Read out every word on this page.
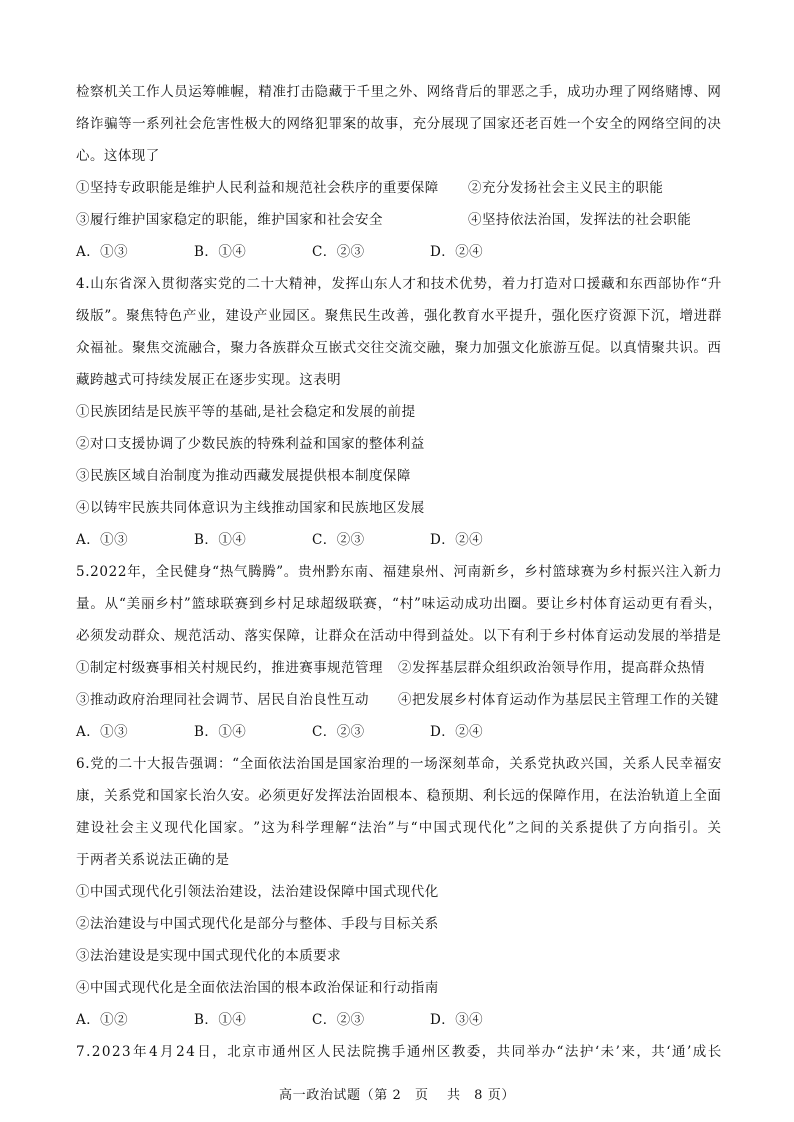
检 察 机 关 工 作 人 员 运 筹 帷 幄 ， 精 准 打 击 隐 藏 于 千 里 之 外 、 网 络 背 后 的 罪 恶 之 手 ， 成 功 办 理 了 网 络 赌 博 、 网
络 诈 骗 等 一 系 列 社 会 危 害 性 极 大 的 网 络 犯 罪 案 的 故 事 ， 充 分 展 现 了 国 家 还 老 百 姓 一 个 安 全 的 网 络 空 间 的 决
心。这体现了
①坚持专政职能是维护人民利益和规范社会秩序的重要保障	②充分发扬社会主义民主的职能
③履行维护国家稳定的职能，维护国家和社会安全	④坚持依法治国，发挥法的社会职能
A．①③	B．①④	C．②③	D．②④
4 . 山 东 省 深 入 贯 彻 落 实 党 的 二 十 大 精 神 ， 发 挥 山 东 人 才 和 技 术 优 势 ， 着 力 打 造 对 口 援 藏 和 东 西 部 协 作 “ 升
级 版 ” 。 聚 焦 特 色 产 业 ， 建 设 产 业 园 区 。 聚 焦 民 生 改 善 ， 强 化 教 育 水 平 提 升 ， 强 化 医 疗 资 源 下 沉 ， 增 进 群
众 福 祉 。 聚 焦 交 流 融 合 ， 聚 力 各 族 群 众 互 嵌 式 交 往 交 流 交 融 ， 聚 力 加 强 文 化 旅 游 互 促 。 以 真 情 聚 共 识 。 西
藏跨越式可持续发展正在逐步实现。这表明
①民族团结是民族平等的基础,是社会稳定和发展的前提
②对口支援协调了少数民族的特殊利益和国家的整体利益
③民族区域自治制度为推动西藏发展提供根本制度保障
④以铸牢民族共同体意识为主线推动国家和民族地区发展
A．①③	B．①④	C．②③	D．②④
5 . 2 0 2 2 年 ， 全 民 健 身 “ 热 气 腾 腾 ” 。 贵 州 黔 东 南 、 福 建 泉 州 、 河 南 新 乡 ， 乡 村 篮 球 赛 为 乡 村 振 兴 注 入 新 力
量 。 从 “ 美 丽 乡 村 ” 篮 球 联 赛 到 乡 村 足 球 超 级 联 赛 ， “ 村 ” 味 运 动 成 功 出 圈 。 要 让 乡 村 体 育 运 动 更 有 看 头 ，
必 须 发 动 群 众 、 规 范 活 动 、 落 实 保 障 ， 让 群 众 在 活 动 中 得 到 益 处 。 以 下 有 利 于 乡 村 体 育 运 动 发 展 的 举 措 是
①制定村级赛事相关村规民约，推进赛事规范管理	②发挥基层群众组织政治领导作用，提高群众热情
③推动政府治理同社会调节、居民自治良性互动	④把发展乡村体育运动作为基层民主管理工作的关键
A．①③	B．①④	C．②③	D．②④
6 . 党 的 二 十 大 报 告 强 调 ： “ 全 面 依 法 治 国 是 国 家 治 理 的 一 场 深 刻 革 命 ， 关 系 党 执 政 兴 国 ， 关 系 人 民 幸 福 安
康 ， 关 系 党 和 国 家 长 治 久 安 。 必 须 更 好 发 挥 法 治 固 根 本 、 稳 预 期 、 利 长 远 的 保 障 作 用 ， 在 法 治 轨 道 上 全 面
建 设 社 会 主 义 现 代 化 国 家 。 ” 这 为 科 学 理 解 “ 法 治 ” 与 “ 中 国 式 现 代 化 ” 之 间 的 关 系 提 供 了 方 向 指 引 。 关
于两者关系说法正确的是
①中国式现代化引领法治建设，法治建设保障中国式现代化
②法治建设与中国式现代化是部分与整体、手段与目标关系
③法治建设是实现中国式现代化的本质要求
④中国式现代化是全面依法治国的根本政治保证和行动指南
A．①②	B．①④	C．②③	D．③④
7 . 2 0 2 3 年 4 月 2 4 日 ， 北 京 市 通 州 区 人 民 法 院 携 手 通 州 区 教 委 ， 共 同 举 办 “ 法 护 ‘ 未 ’ 来 ， 共 ‘ 通 ’ 成 长
高一政治试题（第 2　页　 共　8 页）
